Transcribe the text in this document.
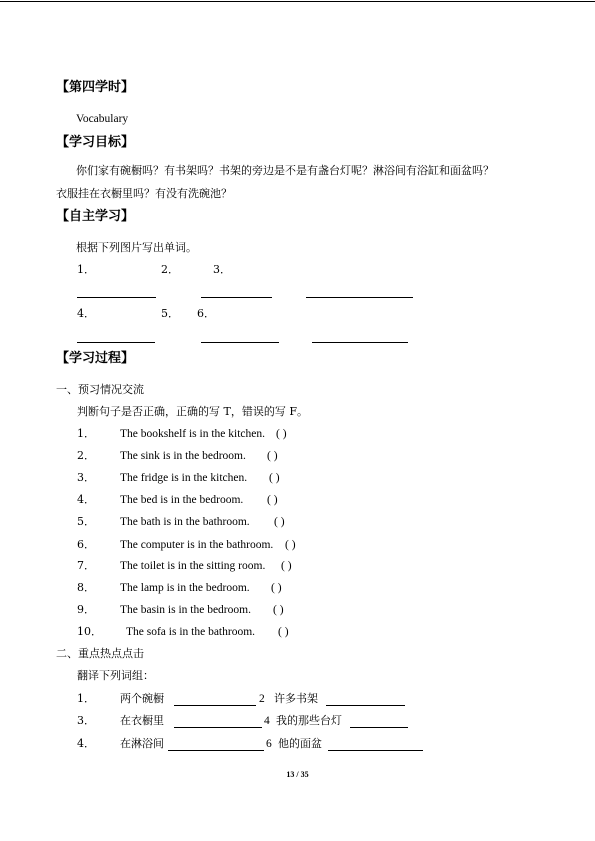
【第四学时】
Vocabulary
【学习目标】
你们家有碗橱吗？有书架吗？书架的旁边是不是有盏台灯呢？淋浴间有浴缸和面盆吗？
衣服挂在衣橱里吗？有没有洗碗池？
【自主学习】
根据下列图片写出单词。
1．	2．	3．
4．	5． 6．
【学习过程】
一、预习情况交流
判断句子是否正确，正确的写 T，错误的写 F。
1． The bookshelf is in the kitchen. ( )
2． The sink is in the bedroom. ( )
3． The fridge is in the kitchen. ( )
4． The bed is in the bedroom. ( )
5． The bath is in the bathroom. ( )
6． The computer is in the bathroom. ( )
7． The toilet is in the sitting room. ( )
8． The lamp is in the bedroom. ( )
9． The basin is in the bedroom. ( )
10． The sofa is in the bathroom. ( )
二、重点热点点击
翻译下列词组：
1． 两个碗橱	2 许多书架
3． 在衣橱里	4 我的那些台灯
4． 在淋浴间	6 他的面盆
13 / 35
